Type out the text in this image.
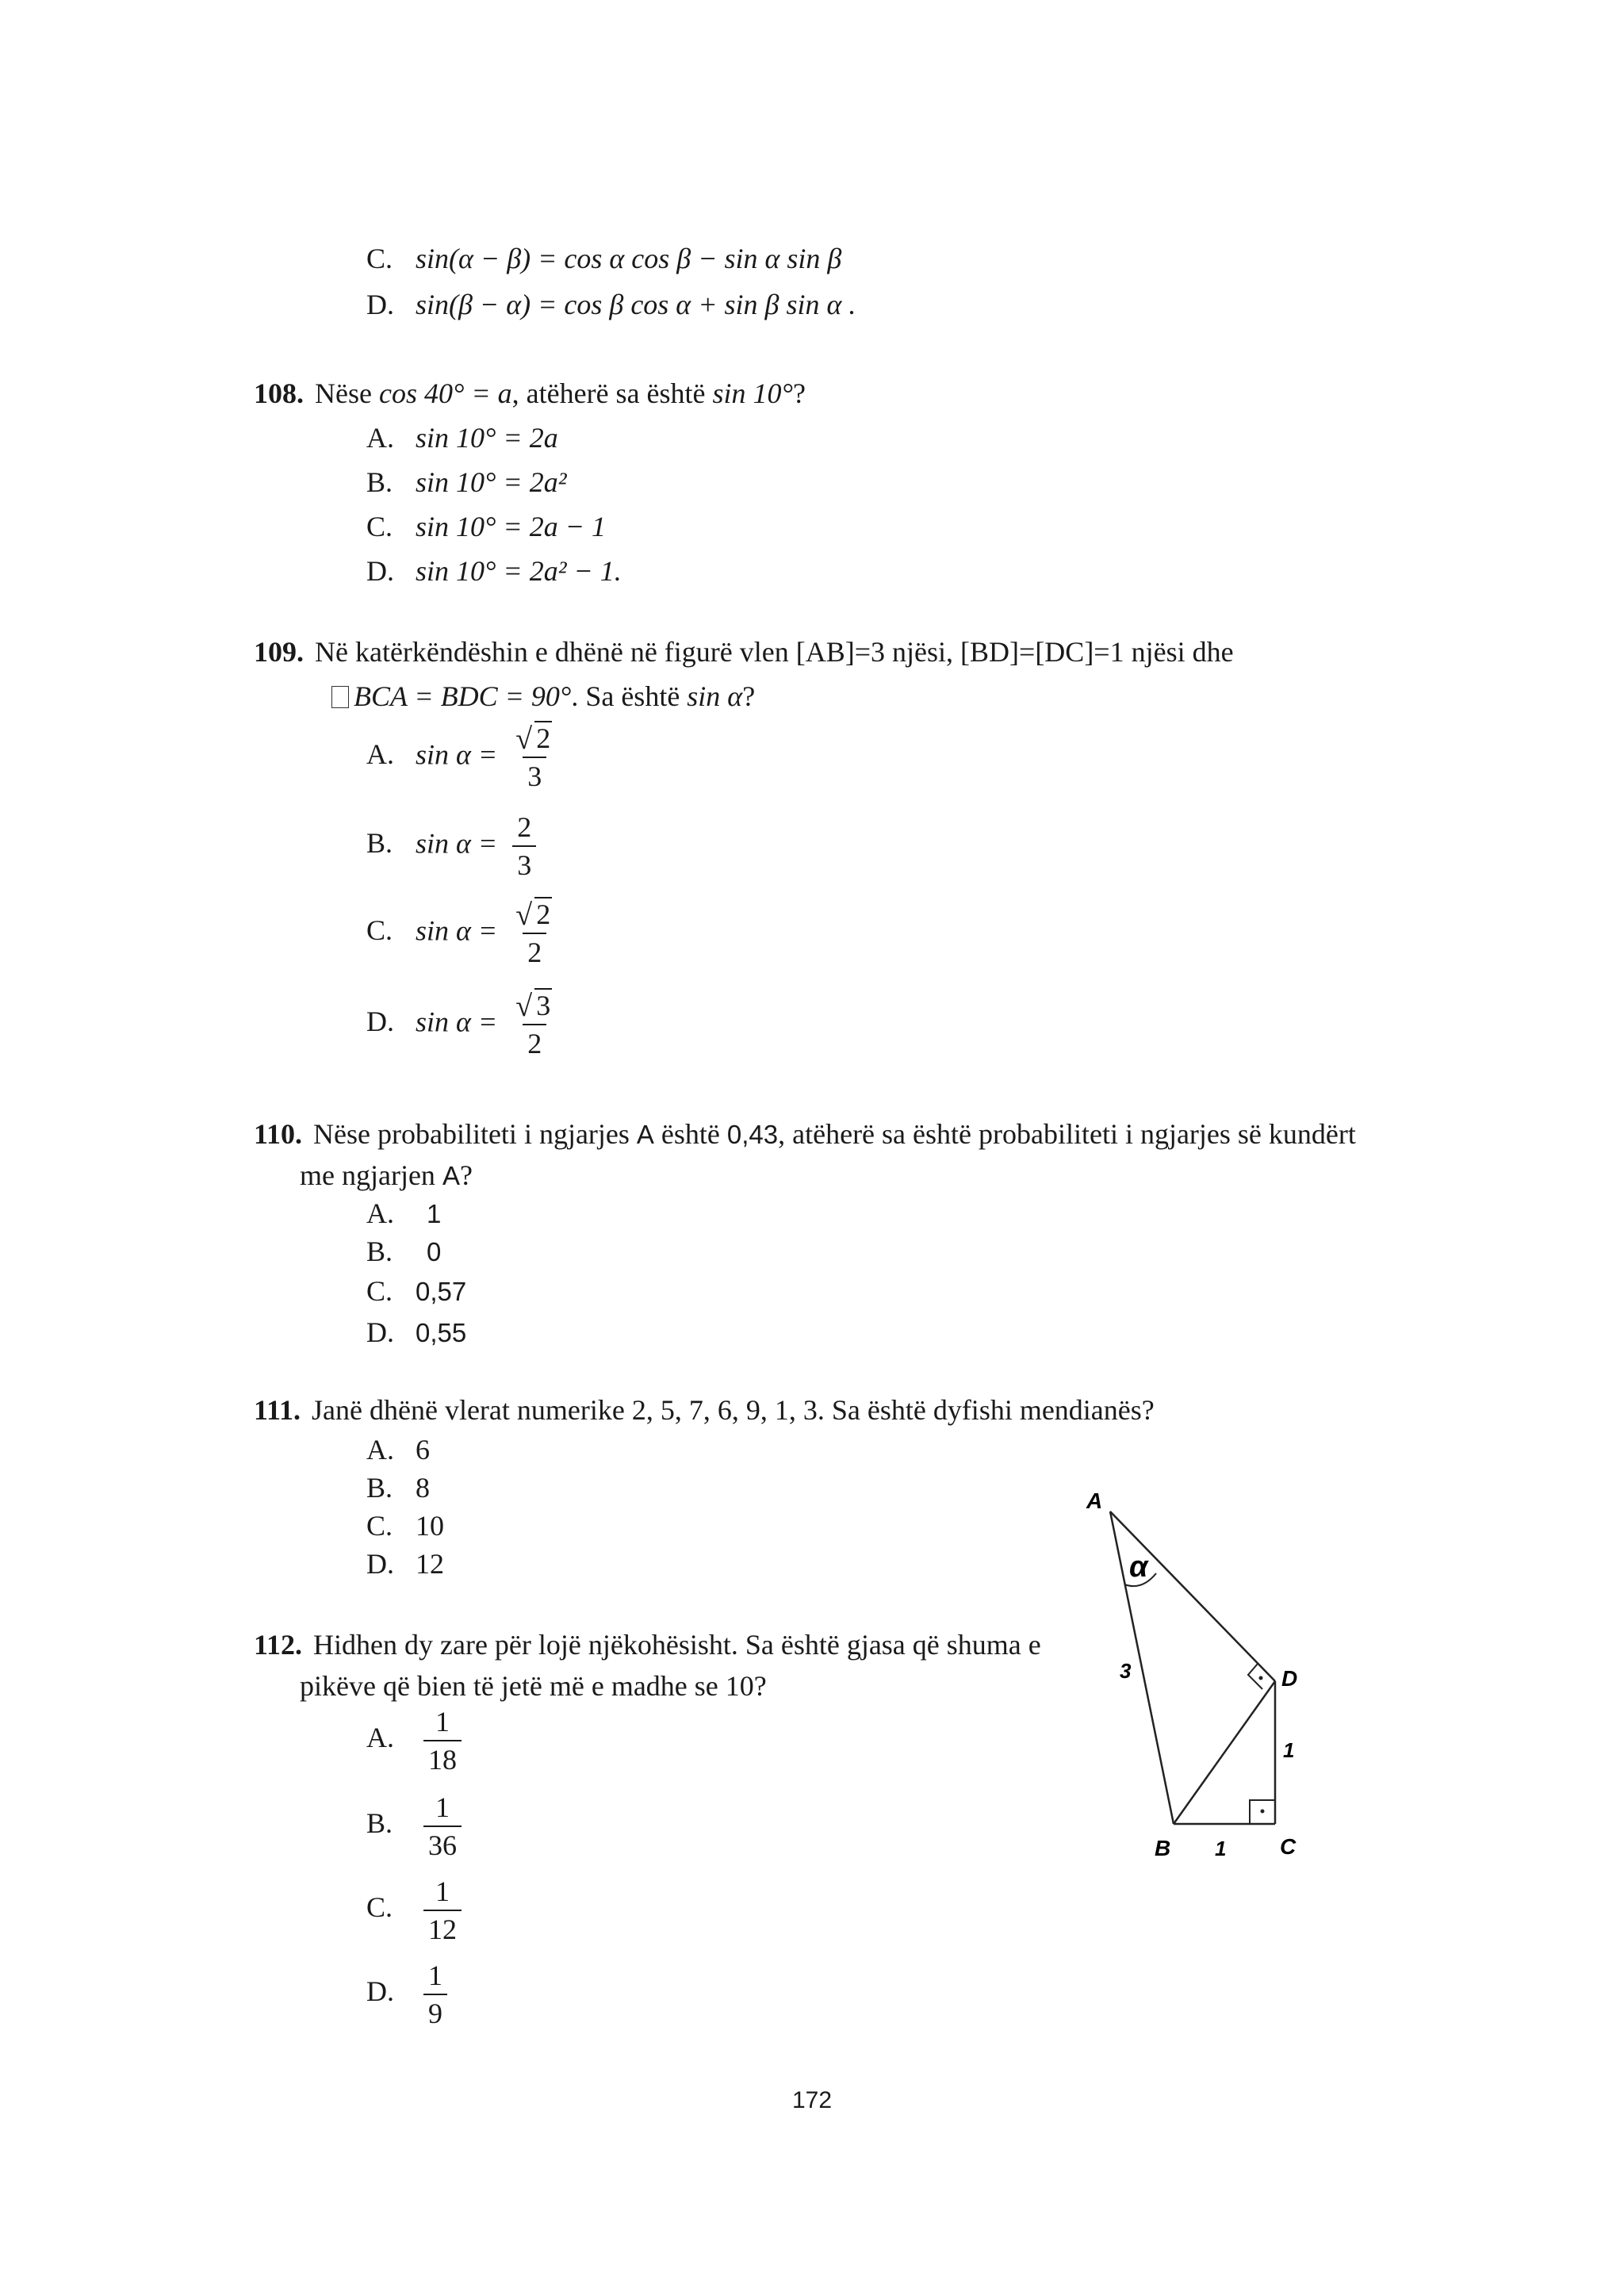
C. sin(α − β) = cos α cos β − sin α sin β
D. sin(β − α) = cos β cos α + sin β sin α .
108. Nëse cos 40° = a, atëherë sa është sin 10°?
A. sin 10° = 2a
B. sin 10° = 2a²
C. sin 10° = 2a − 1
D. sin 10° = 2a² − 1.
109. Në katërkëndëshin e dhënë në figurë vlen [AB]=3 njësi, [BD]=[DC]=1 njësi dhe
BCA = BDC = 90°. Sa është sin α?
A. sin α = √ $\frac{2}{3}$
B. $\sin \alpha = \frac{2}{3}$
C. sin α = √ $\frac{2}{2}$
D. sin α = √ $\frac{3}{2}$
110. Nëse probabiliteti i ngjarjes A është 0,43, atëherë sa është probabiliteti i ngjarjes së kundërt
me ngjarjen A?
A. 1
B. 0
C. 0,57
D. 0,55
111. Janë dhënë vlerat numerike 2, 5, 7, 6, 9, 1, 3. Sa është dyfishi mendianës?
A. 6
B. 8
C. 10
D. 12
112. Hidhen dy zare për lojë njëkohësisht. Sa është gjasa që shuma e
pikëve që bien të jetë më e madhe se 10?
A. $\frac{1}{18}$
B. $\frac{1}{36}$
C. $\frac{1}{12}$
D. $\frac{1}{9}$
A
B	C
D
α
3
1
1
172
